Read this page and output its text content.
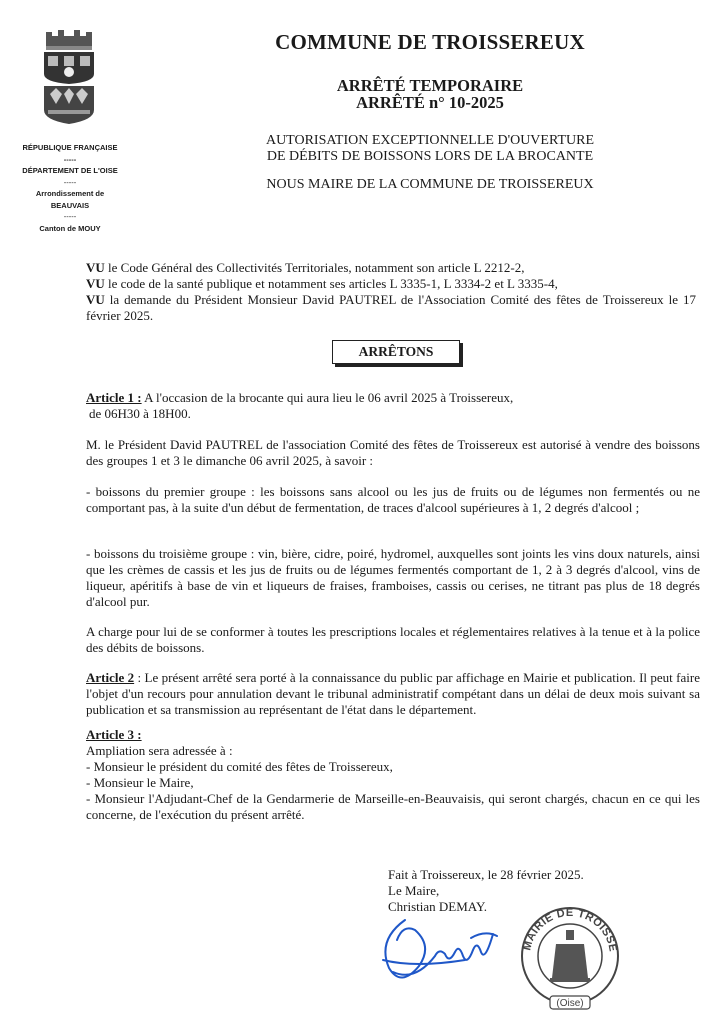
RÉPUBLIQUE FRANÇAISE
-----
DÉPARTEMENT DE L'OISE
-----
Arrondissement de
BEAUVAIS
-----
Canton de MOUY
COMMUNE DE TROISSEREUX
ARRÊTÉ TEMPORAIRE
ARRÊTÉ n° 10-2025
AUTORISATION EXCEPTIONNELLE D'OUVERTURE
DE DÉBITS DE BOISSONS LORS DE LA BROCANTE
NOUS MAIRE DE LA COMMUNE DE TROISSEREUX
VU le Code Général des Collectivités Territoriales, notamment son article L 2212-2,
VU le code de la santé publique et notamment ses articles L 3335-1, L 3334-2 et L 3335-4,
VU la demande du Président Monsieur David PAUTREL de l'Association Comité des fêtes de Troissereux le 17 février 2025.
ARRÊTONS
Article 1 : A l'occasion de la brocante qui aura lieu le 06 avril 2025 à Troissereux,
de 06H30 à 18H00.
M. le Président David PAUTREL de l'association Comité des fêtes de Troissereux est autorisé à vendre des boissons des groupes 1 et 3 le dimanche 06 avril 2025, à savoir :
- boissons du premier groupe : les boissons sans alcool ou les jus de fruits ou de légumes non fermentés ou ne comportant pas, à la suite d'un début de fermentation, de traces d'alcool supérieures à 1, 2 degrés d'alcool ;
- boissons du troisième groupe : vin, bière, cidre, poiré, hydromel, auxquelles sont joints les vins doux naturels, ainsi que les crèmes de cassis et les jus de fruits ou de légumes fermentés comportant de 1, 2 à 3 degrés d'alcool, vins de liqueur, apéritifs à base de vin et liqueurs de fraises, framboises, cassis ou cerises, ne titrant pas plus de 18 degrés d'alcool pur.
A charge pour lui de se conformer à toutes les prescriptions locales et réglementaires relatives à la tenue et à la police des débits de boissons.
Article 2 : Le présent arrêté sera porté à la connaissance du public par affichage en Mairie et publication. Il peut faire l'objet d'un recours pour annulation devant le tribunal administratif compétant dans un délai de deux mois suivant sa publication et sa transmission au représentant de l'état dans le département.
Article 3 :
Ampliation sera adressée à :
- Monsieur le président du comité des fêtes de Troissereux,
- Monsieur le Maire,
- Monsieur l'Adjudant-Chef de la Gendarmerie de Marseille-en-Beauvaisis, qui seront chargés, chacun en ce qui les concerne, de l'exécution du présent arrêté.
Fait à Troissereux, le 28 février 2025.
Le Maire,
Christian DEMAY.
MAIRIE DE TROISSE
(Oise)
